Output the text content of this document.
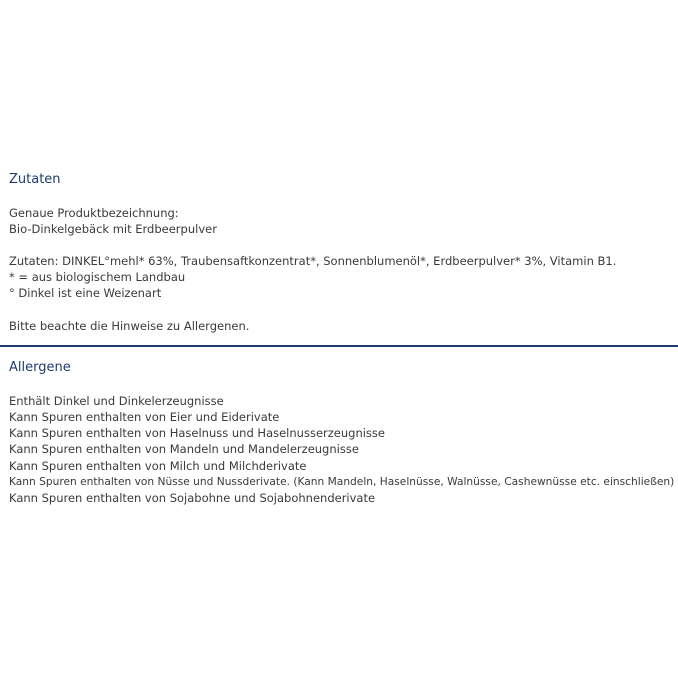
Zutaten
Genaue Produktbezeichnung:
Bio-Dinkelgebäck mit Erdbeerpulver
Zutaten: DINKEL°mehl* 63%, Traubensaftkonzentrat*, Sonnenblumenöl*, Erdbeerpulver* 3%, Vitamin B1.
* = aus biologischem Landbau
° Dinkel ist eine Weizenart
Bitte beachte die Hinweise zu Allergenen.
Allergene
Enthält Dinkel und Dinkelerzeugnisse
Kann Spuren enthalten von Eier und Eiderivate
Kann Spuren enthalten von Haselnuss und Haselnusserzeugnisse
Kann Spuren enthalten von Mandeln und Mandelerzeugnisse
Kann Spuren enthalten von Milch und Milchderivate
Kann Spuren enthalten von Nüsse und Nussderivate. (Kann Mandeln, Haselnüsse, Walnüsse, Cashewnüsse etc. einschließen)
Kann Spuren enthalten von Sojabohne und Sojabohnenderivate
